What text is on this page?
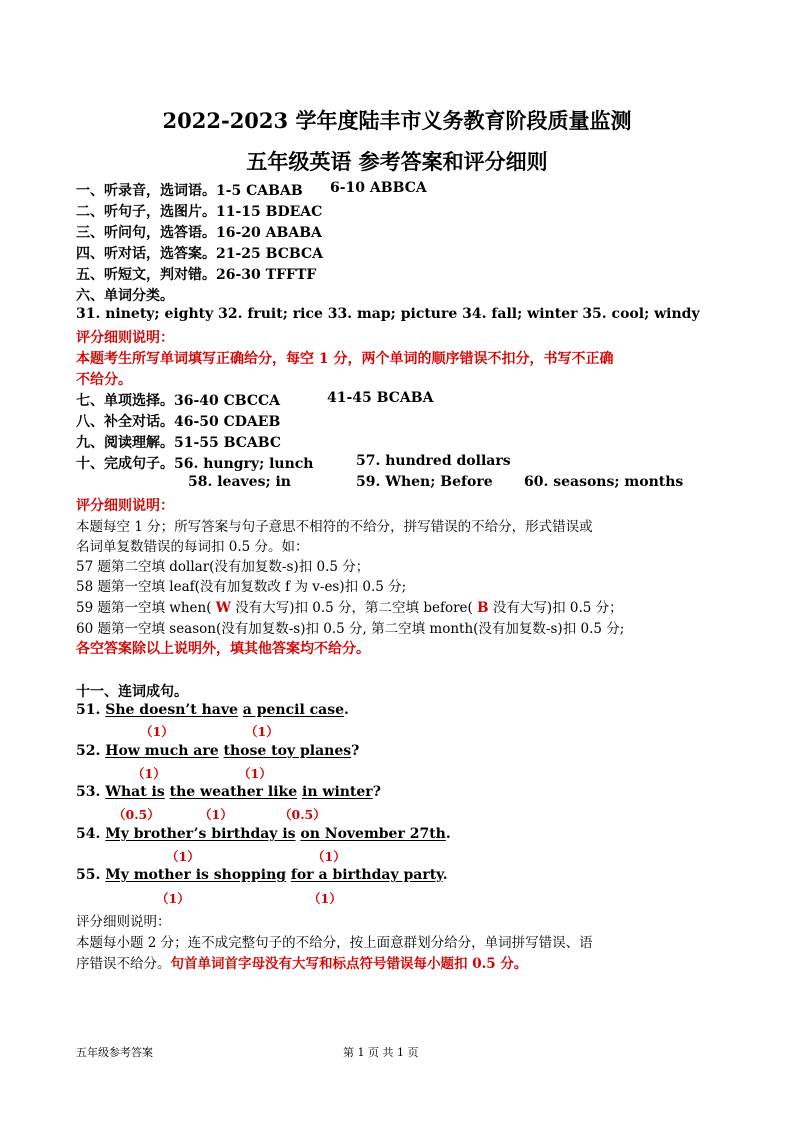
2022-2023 学年度陆丰市义务教育阶段质量监测
五年级英语 参考答案和评分细则
一、听录音，选词语。1-5 CABAB 6-10 ABBCA
二、听句子，选图片。11-15 BDEAC
三、听问句，选答语。16-20 ABABA
四、听对话，选答案。21-25 BCBCA
五、听短文，判对错。26-30 TFFTF
六、单词分类。
31. ninety; eighty 32. fruit; rice 33. map; picture 34. fall; winter 35. cool; windy
评分细则说明：
本题考生所写单词填写正确给分，每空 1 分，两个单词的顺序错误不扣分，书写不正确
不给分。
七、单项选择。36-40 CBCCA	41-45 BCABA
八、补全对话。46-50 CDAEB
九、阅读理解。51-55 BCABC
十、完成句子。56. hungry; lunch	57. hundred dollars
58. leaves; in	59. When; Before 60. seasons; months
评分细则说明：
本题每空 1 分；所写答案与句子意思不相符的不给分，拼写错误的不给分，形式错误或
名词单复数错误的每词扣 0.5 分。如：
57 题第二空填 dollar(没有加复数-s)扣 0.5 分；
58 题第一空填 leaf(没有加复数改 f 为 v-es)扣 0.5 分;
59 题第一空填 when( W 没有大写)扣 0.5 分，第二空填 before( B 没有大写)扣 0.5 分；
60 题第一空填 season(没有加复数-s)扣 0.5 分, 第二空填 month(没有加复数-s)扣 0.5 分;
各空答案除以上说明外，填其他答案均不给分。
十一、连词成句。
51. She doesn’t have a pencil case.
（1）	（1）
52. How much are those toy planes?
（1）	（1）
53. What is the weather like in winter?
（0.5）	（1）	（0.5）
54. My brother’s birthday is on November 27th.
（1）	（1）
55. My mother is shopping for a birthday party.
（1）	（1）
评分细则说明：
本题每小题 2 分；连不成完整句子的不给分，按上面意群划分给分，单词拼写错误、语
序错误不给分。句首单词首字母没有大写和标点符号错误每小题扣 0.5 分。
五年级参考答案	第 1 页 共 1 页
